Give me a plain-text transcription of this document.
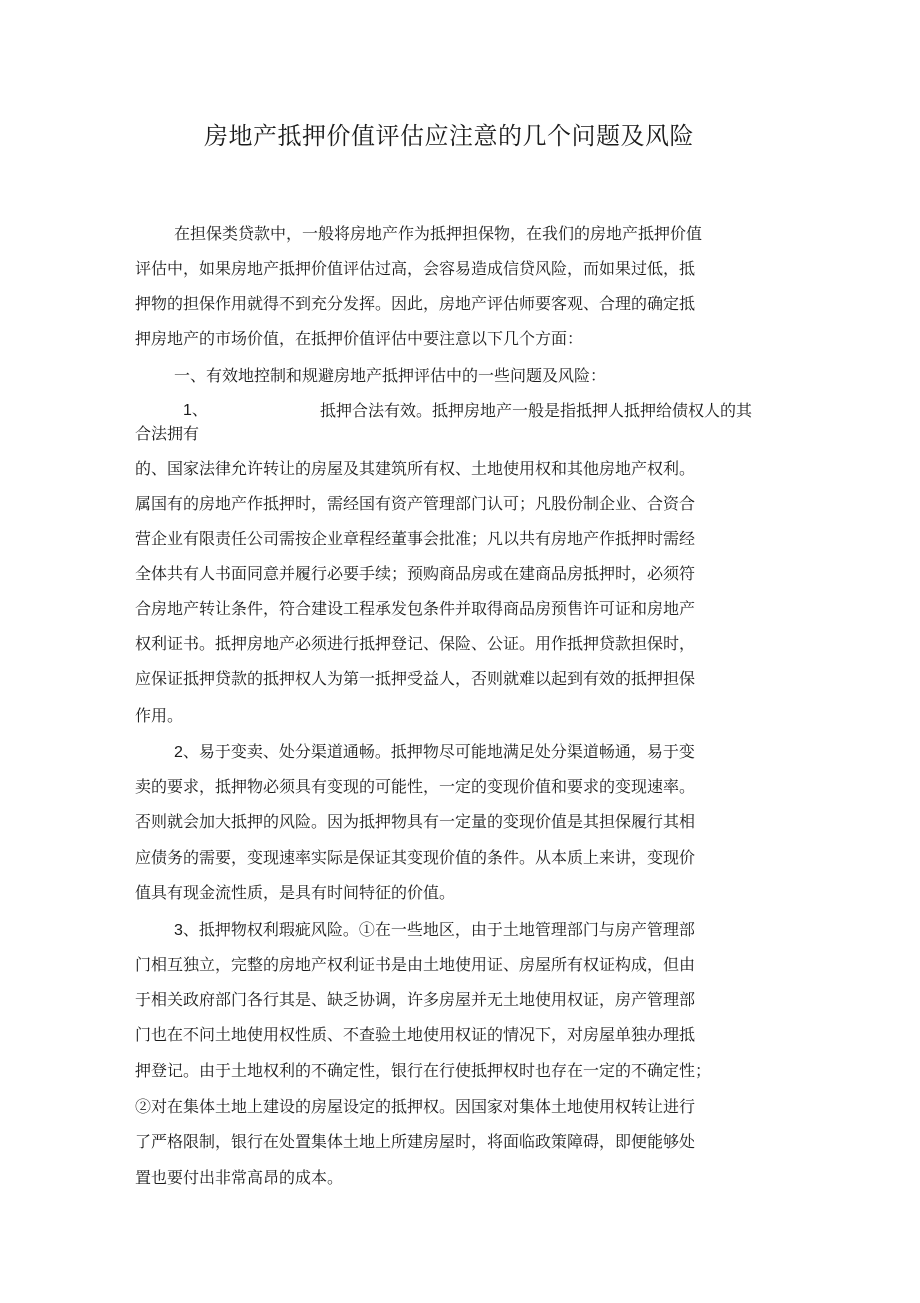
房地产抵押价值评估应注意的几个问题及风险

在担保类贷款中，一般将房地产作为抵押担保物，在我们的房地产抵押价值

评估中，如果房地产抵押价值评估过高，会容易造成信贷风险，而如果过低，抵

押物的担保作用就得不到充分发挥。因此，房地产评估师要客观、合理的确定抵

押房地产的市场价值，在抵押价值评估中要注意以下几个方面：

一、有效地控制和规避房地产抵押评估中的一些问题及风险：

1、	抵押合法有效。抵押房地产一般是指抵押人抵押给债权人的其

合法拥有

的、国家法律允许转让的房屋及其建筑所有权、土地使用权和其他房地产权利。

属国有的房地产作抵押时，需经国有资产管理部门认可；凡股份制企业、合资合

营企业有限责任公司需按企业章程经董事会批准；凡以共有房地产作抵押时需经

全体共有人书面同意并履行必要手续；预购商品房或在建商品房抵押时，必须符

合房地产转让条件，符合建设工程承发包条件并取得商品房预售许可证和房地产

权利证书。抵押房地产必须进行抵押登记、保险、公证。用作抵押贷款担保时，

应保证抵押贷款的抵押权人为第一抵押受益人，否则就难以起到有效的抵押担保

作用。

2、易于变卖、处分渠道通畅。抵押物尽可能地满足处分渠道畅通，易于变

卖的要求，抵押物必须具有变现的可能性，一定的变现价值和要求的变现速率。

否则就会加大抵押的风险。因为抵押物具有一定量的变现价值是其担保履行其相

应债务的需要，变现速率实际是保证其变现价值的条件。从本质上来讲，变现价

值具有现金流性质，是具有时间特征的价值。

3、抵押物权利瑕疵风险。①在一些地区，由于土地管理部门与房产管理部

门相互独立，完整的房地产权利证书是由土地使用证、房屋所有权证构成，但由

于相关政府部门各行其是、缺乏协调，许多房屋并无土地使用权证，房产管理部

门也在不问土地使用权性质、不查验土地使用权证的情况下，对房屋单独办理抵

押登记。由于土地权利的不确定性，银行在行使抵押权时也存在一定的不确定性；

②对在集体土地上建设的房屋设定的抵押权。因国家对集体土地使用权转让进行

了严格限制，银行在处置集体土地上所建房屋时，将面临政策障碍，即便能够处

置也要付出非常高昂的成本。
